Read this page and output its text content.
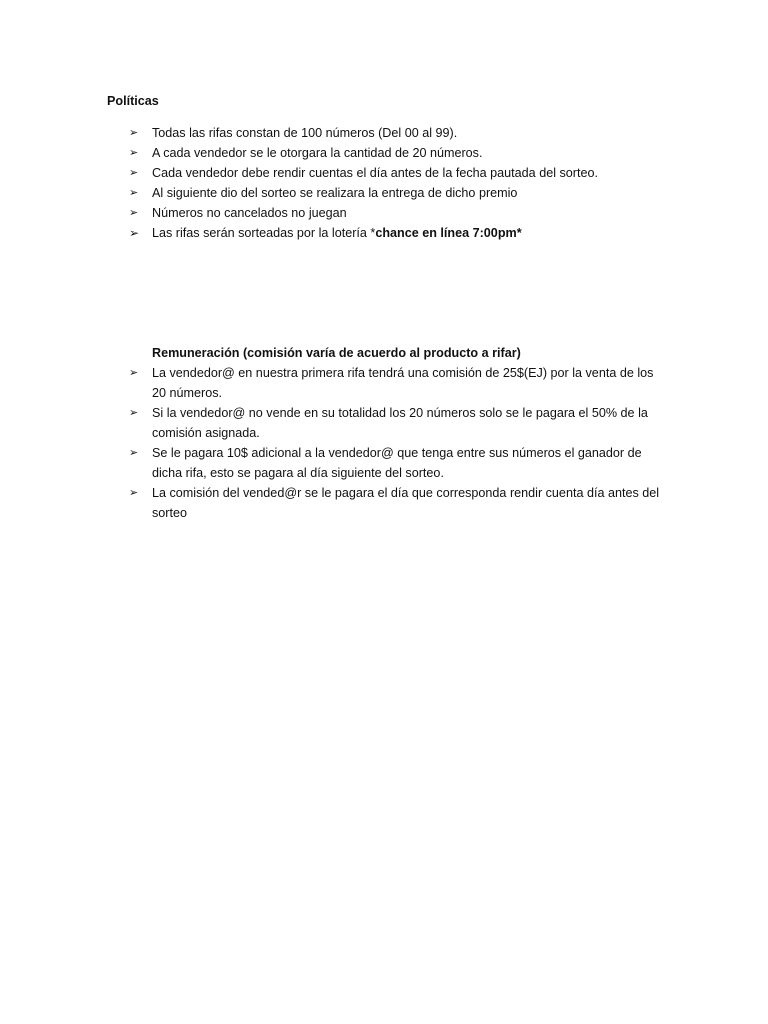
Políticas

➢	Todas las rifas constan de 100 números (Del 00 al 99).
➢	A cada vendedor se le otorgara la cantidad de 20 números.
➢	Cada vendedor debe rendir cuentas el día antes de la fecha pautada del sorteo.
➢	Al siguiente dio del sorteo se realizara la entrega de dicho premio
➢	Números no cancelados no juegan
➢	Las rifas serán sorteadas por la lotería *chance en línea 7:00pm*

Remuneración (comisión varía de acuerdo al producto a rifar)

➢	La vendedor@ en nuestra primera rifa tendrá una comisión de 25$(EJ) por la venta de los 20 números.
➢	Si la vendedor@ no vende en su totalidad los 20 números solo se le pagara el 50% de la comisión asignada.
➢	Se le pagara 10$ adicional a la vendedor@ que tenga entre sus números el ganador de dicha rifa, esto se pagara al día siguiente del sorteo.
➢	La comisión del vended@r se le pagara el día que corresponda rendir cuenta día antes del sorteo
